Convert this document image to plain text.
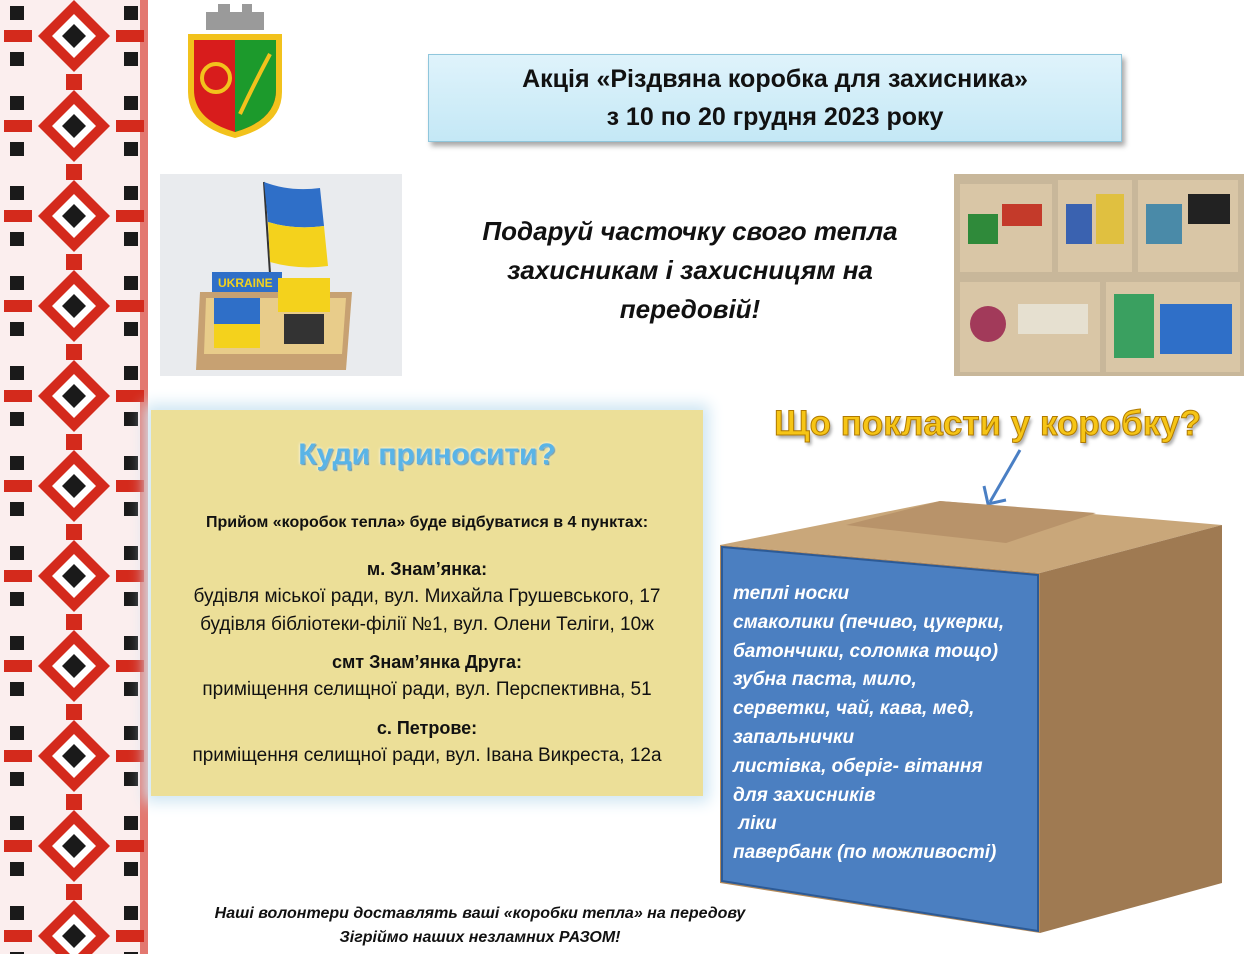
Акція «Різдвяна коробка для захисника»
з 10 по 20 грудня 2023 року
UKRAINE
Подаруй часточку свого тепла
захисникам і захисницям на
передовій!
Куди приносити?
Прийом «коробок тепла» буде відбуватися в 4 пунктах:
м. Знам’янка:
будівля міської ради, вул. Михайла Грушевського, 17
будівля бібліотеки-філії №1, вул. Олени Теліги, 10ж
смт Знам’янка Друга:
приміщення селищної ради, вул. Перспективна, 51
с. Петрове:
приміщення селищної ради, вул. Івана Викреста, 12а
Що покласти у коробку?
теплі носки
смаколики (печиво, цукерки,
батончики, соломка тощо)
зубна паста, мило,
серветки, чай, кава, мед,
запальнички
листівка, оберіг- вітання
для захисників
ліки
павербанк (по можливості)
Наші волонтери доставлять ваші «коробки тепла» на передову
Зігріймо наших незламних РАЗОМ!
